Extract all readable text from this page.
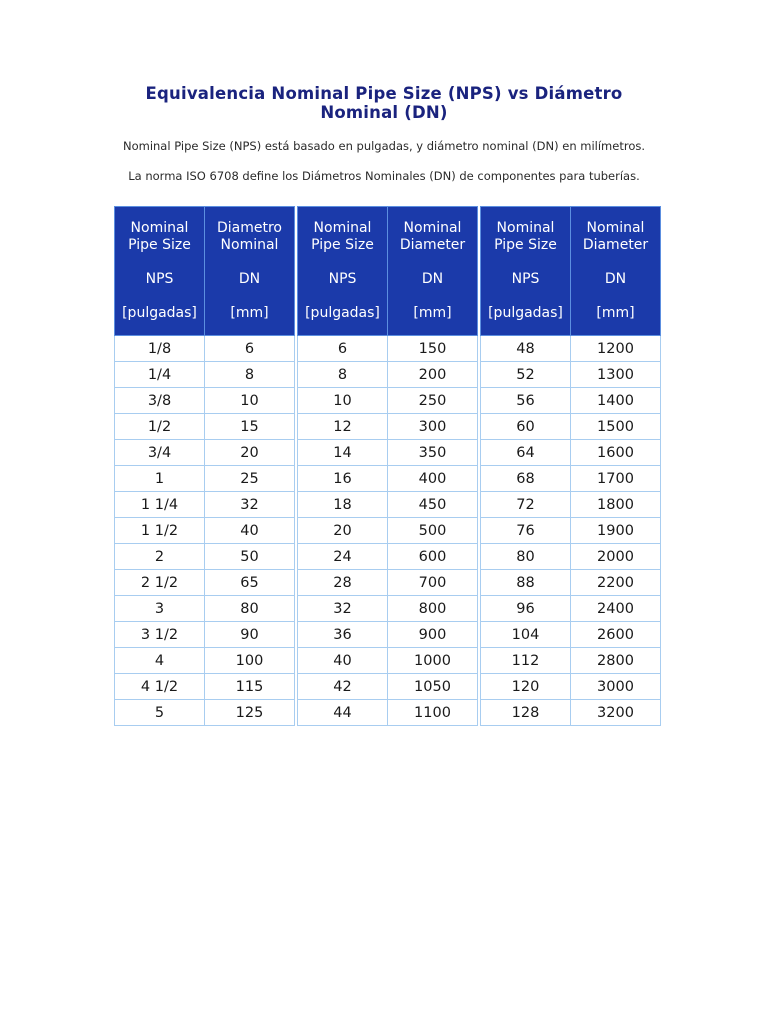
Equivalencia Nominal Pipe Size (NPS) vs Diámetro Nominal (DN)
Nominal Pipe Size (NPS) está basado en pulgadas, y diámetro nominal (DN) en milímetros.
La norma ISO 6708 define los Diámetros Nominales (DN) de componentes para tuberías.
Nominal
Pipe Size
NPS
[pulgadas]	Diametro
Nominal
DN
[mm]

1/8	6
1/4	8
3/8	10
1/2	15
3/4	20
1	25
1 1/4	32
1 1/2	40
2	50
2 1/2	65
3	80
3 1/2	90
4	100
4 1/2	115
5	125
Nominal
Pipe Size
NPS
[pulgadas]	Nominal
Diameter
DN
[mm]

6	150
8	200
10	250
12	300
14	350
16	400
18	450
20	500
24	600
28	700
32	800
36	900
40	1000
42	1050
44	1100
Nominal
Pipe Size
NPS
[pulgadas]	Nominal
Diameter
DN
[mm]

48	1200
52	1300
56	1400
60	1500
64	1600
68	1700
72	1800
76	1900
80	2000
88	2200
96	2400
104	2600
112	2800
120	3000
128	3200
